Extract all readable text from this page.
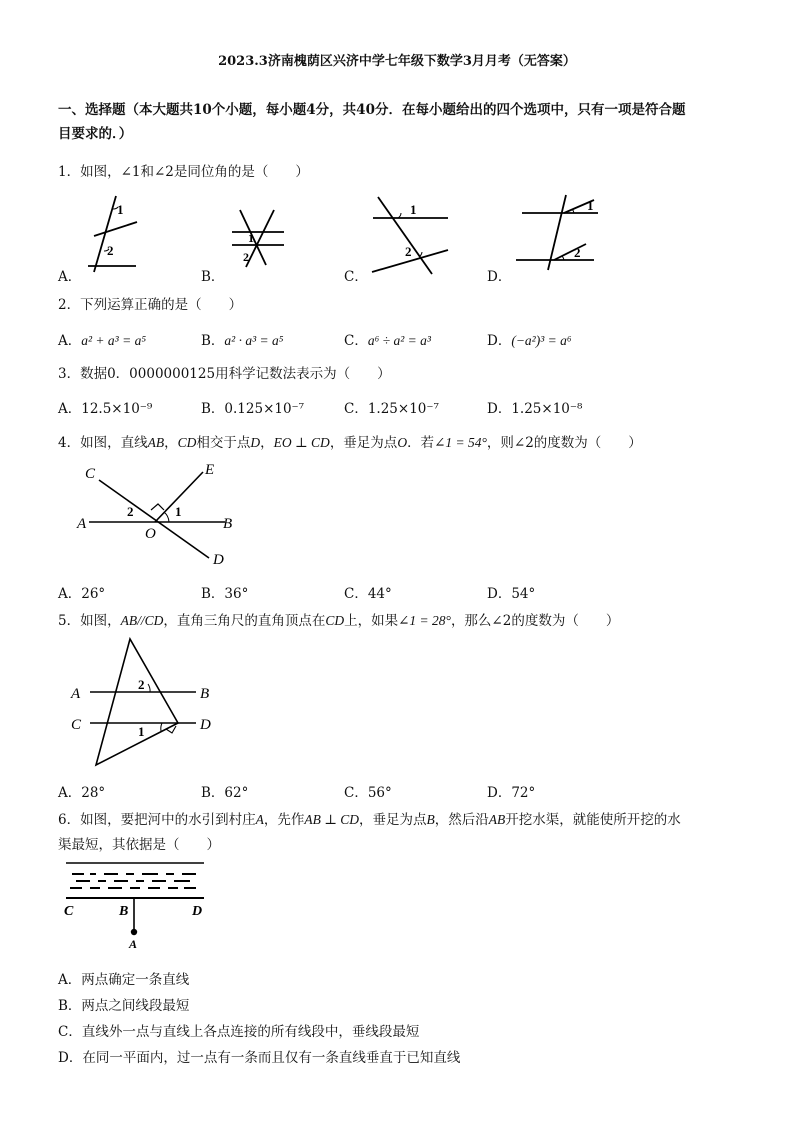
2023.3济南槐荫区兴济中学七年级下数学3月月考（无答案）
一、选择题（本大题共10个小题，每小题4分，共40分．在每小题给出的四个选项中，只有一项是符合题
目要求的．）
1．如图，∠1和∠2是同位角的是（　　）
1
2
A．
1
2
B．
1
2
C．
1
2
D．
2．下列运算正确的是（　　）
A．a² + a³ = a⁵	B．a² · a³ = a⁵	C．a⁶ ÷ a² = a³	D．(−a²)³ = a⁶
3．数据0．0000000125用科学记数法表示为（　　）
A．12.5×10⁻⁹	B．0.125×10⁻⁷	C．1.25×10⁻⁷	D．1.25×10⁻⁸
4．如图，直线AB，CD相交于点D，EO ⊥ CD，垂足为点O．若∠1 = 54°，则∠2的度数为（　　）
C	E
A
O
B
D
1
2
A．26°	B．36°	C．44°	D．54°
5．如图，AB//CD，直角三角尺的直角顶点在CD上，如果∠1 = 28°，那么∠2的度数为（　　）
A	B
C	D
1
2
A．28°	B．62°	C．56°	D．72°
6．如图，要把河中的水引到村庄A，先作AB ⊥ CD，垂足为点B，然后沿AB开挖水渠，就能使所开挖的水
渠最短，其依据是（　　）
C	B	D
A
A．两点确定一条直线
B．两点之间线段最短
C．直线外一点与直线上各点连接的所有线段中，垂线段最短
D．在同一平面内，过一点有一条而且仅有一条直线垂直于已知直线
